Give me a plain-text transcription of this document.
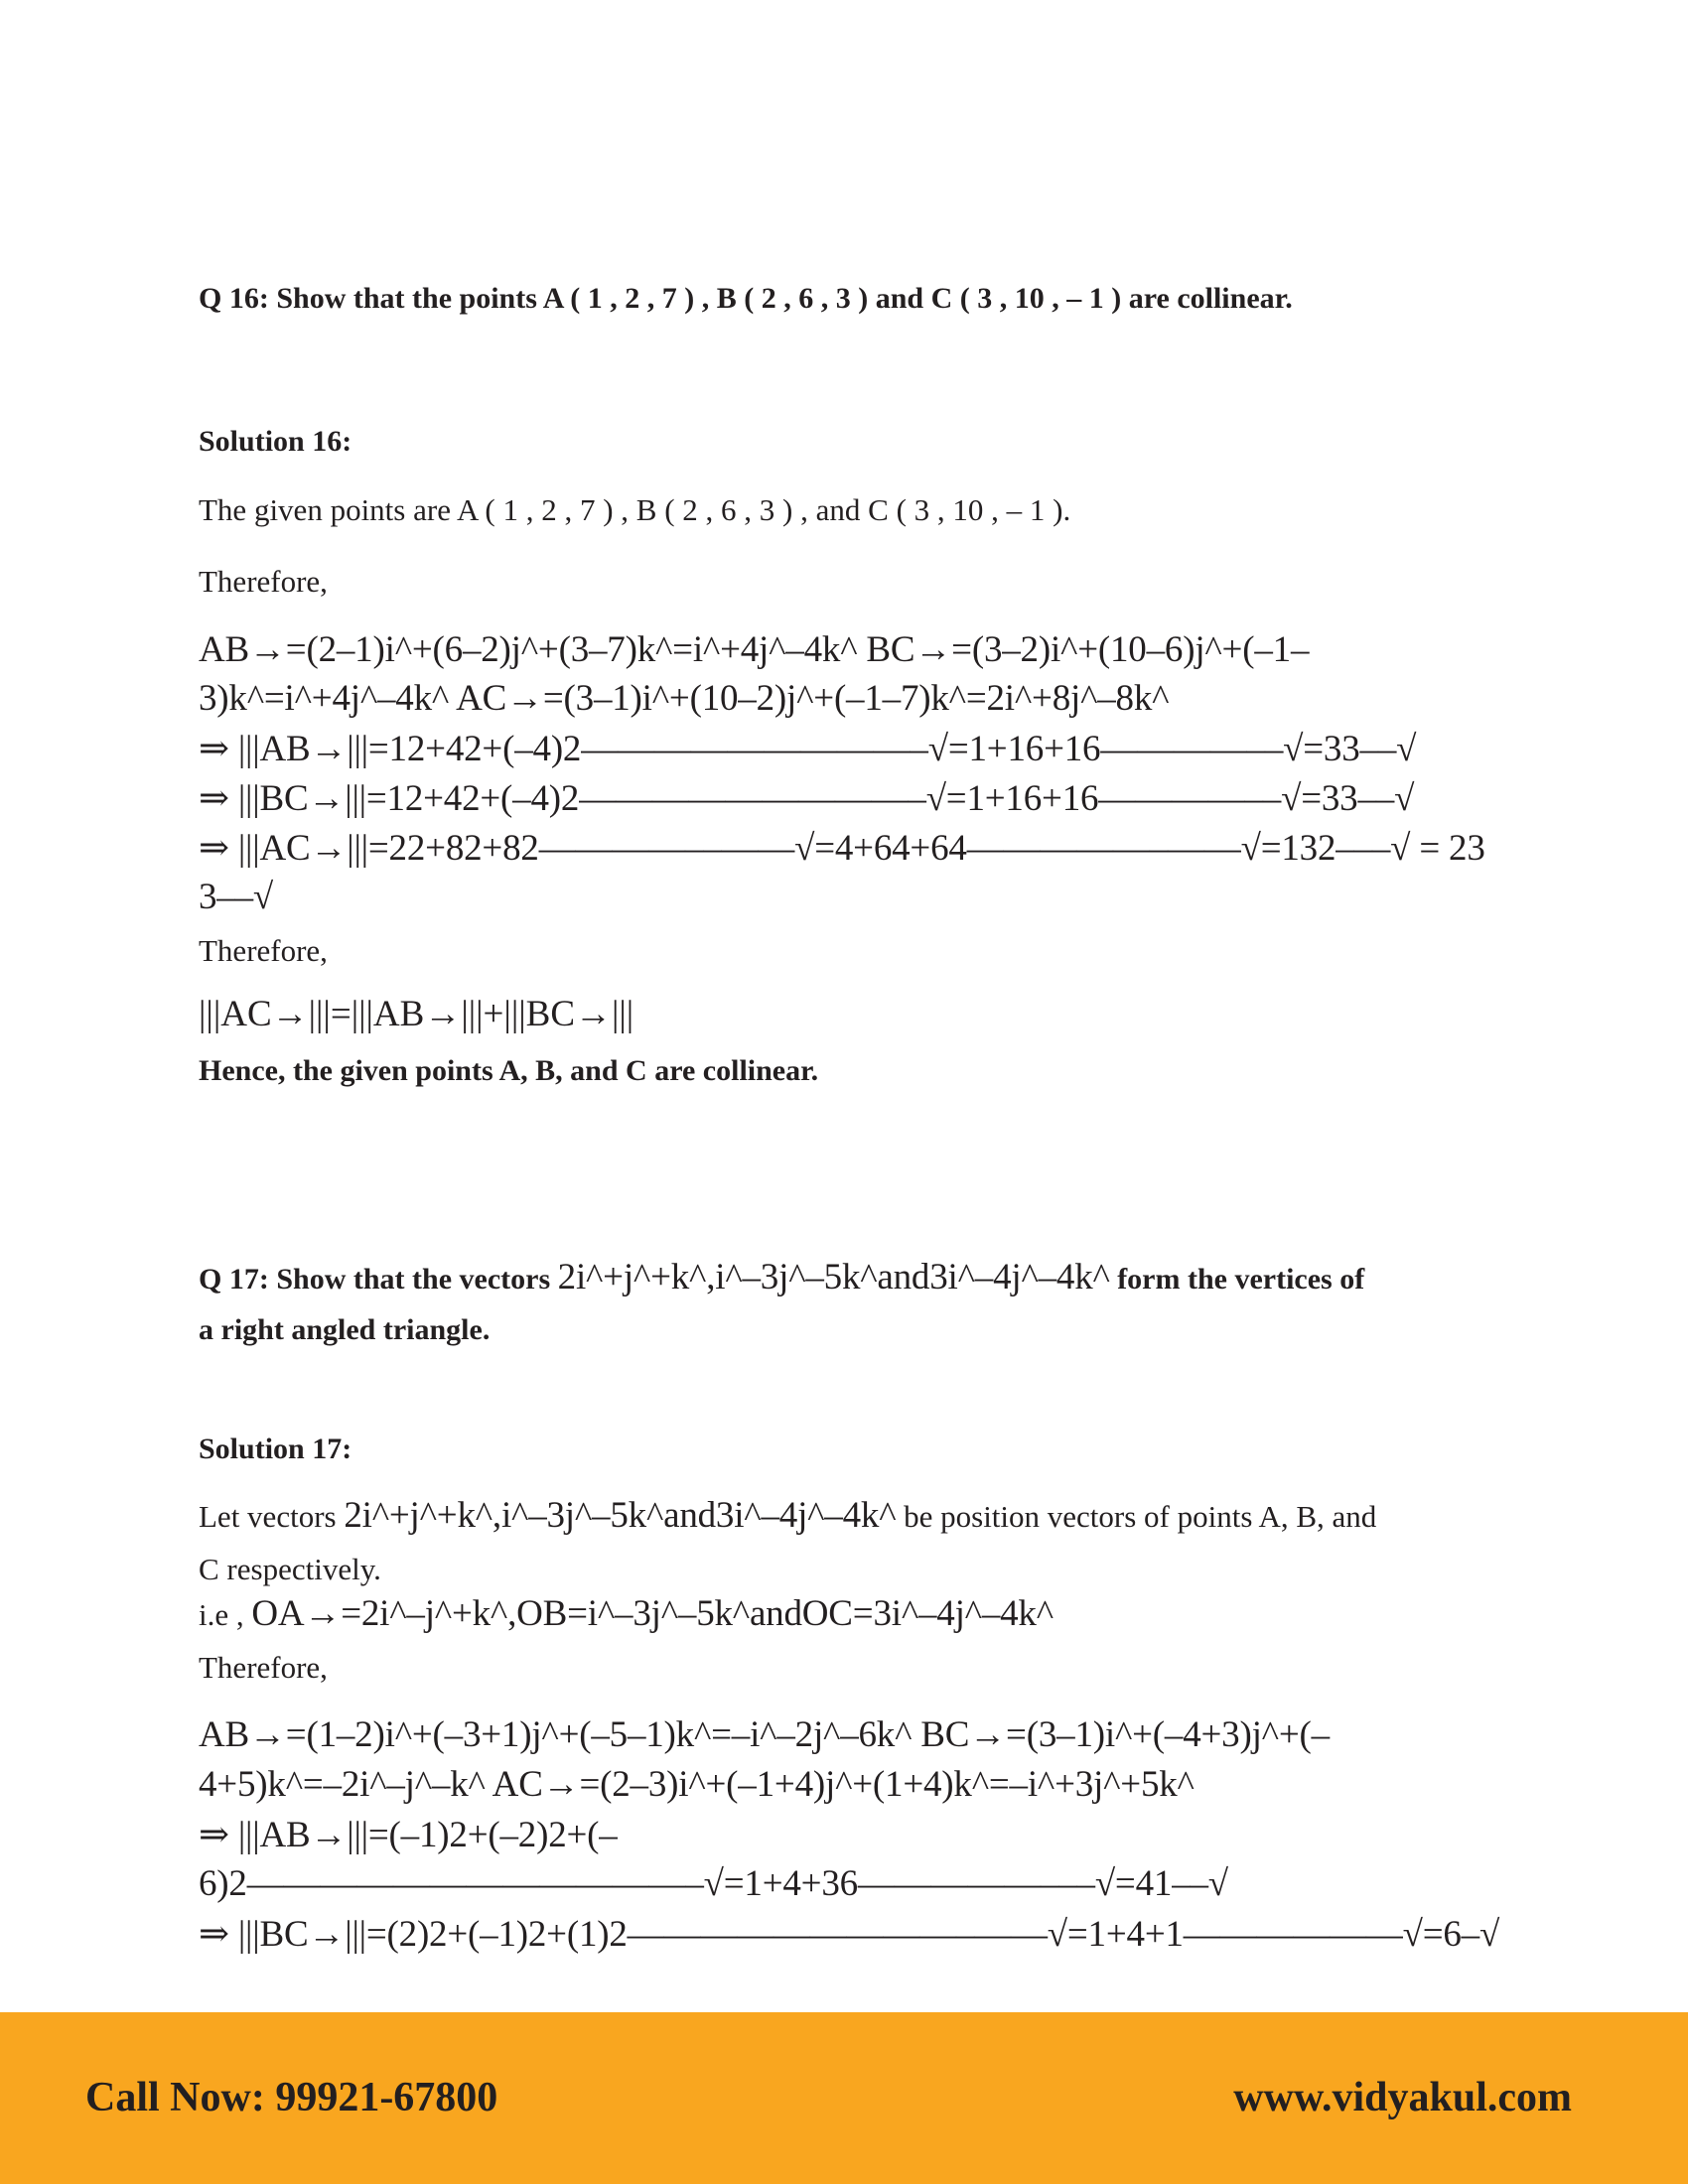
Q 16: Show that the points A ( 1 , 2 , 7 ) , B ( 2 , 6 , 3 ) and C ( 3 , 10 , – 1 ) are collinear.
Solution 16:
The given points are A ( 1 , 2 , 7 ) , B ( 2 , 6 , 3 ) , and C ( 3 , 10 , – 1 ).
Therefore,
AB→=(2–1)i^+(6–2)j^+(3–7)k^=i^+4j^–4k^ BC→=(3–2)i^+(10–6)j^+(–1–
3)k^=i^+4j^–4k^ AC→=(3–1)i^+(10–2)j^+(–1–7)k^=2i^+8j^–8k^
⇒ |||AB→|||=12+42+(–4)2—————————–√=1+16+16————––√=33––√
⇒ |||BC→|||=12+42+(–4)2—————————–√=1+16+16————––√=33––√
⇒ |||AC→|||=22+82+82————––——√=4+64+64—————–——√=132–––√ = 23
3––√
Therefore,
|||AC→|||=|||AB→|||+|||BC→|||
Hence, the given points A, B, and C are collinear.
Q 17: Show that the vectors 2i^+j^+k^,i^–3j^–5k^and3i^–4j^–4k^ form the vertices of
a right angled triangle.
Solution 17:
Let vectors 2i^+j^+k^,i^–3j^–5k^and3i^–4j^–4k^ be position vectors of points A, B, and
C respectively.
i.e , OA→=2i^–j^+k^,OB=i^–3j^–5k^andOC=3i^–4j^–4k^
Therefore,
AB→=(1–2)i^+(–3+1)j^+(–5–1)k^=–i^–2j^–6k^ BC→=(3–1)i^+(–4+3)j^+(–
4+5)k^=–2i^–j^–k^ AC→=(2–3)i^+(–1+4)j^+(1+4)k^=–i^+3j^+5k^
⇒ |||AB→|||=(–1)2+(–2)2+(–
6)2————————————–√=1+4+36—————–––√=41––√
⇒ |||BC→|||=(2)2+(–1)2+(1)2—————————–——√=1+4+1——————√=6–√
Call Now: 99921-67800	www.vidyakul.com
